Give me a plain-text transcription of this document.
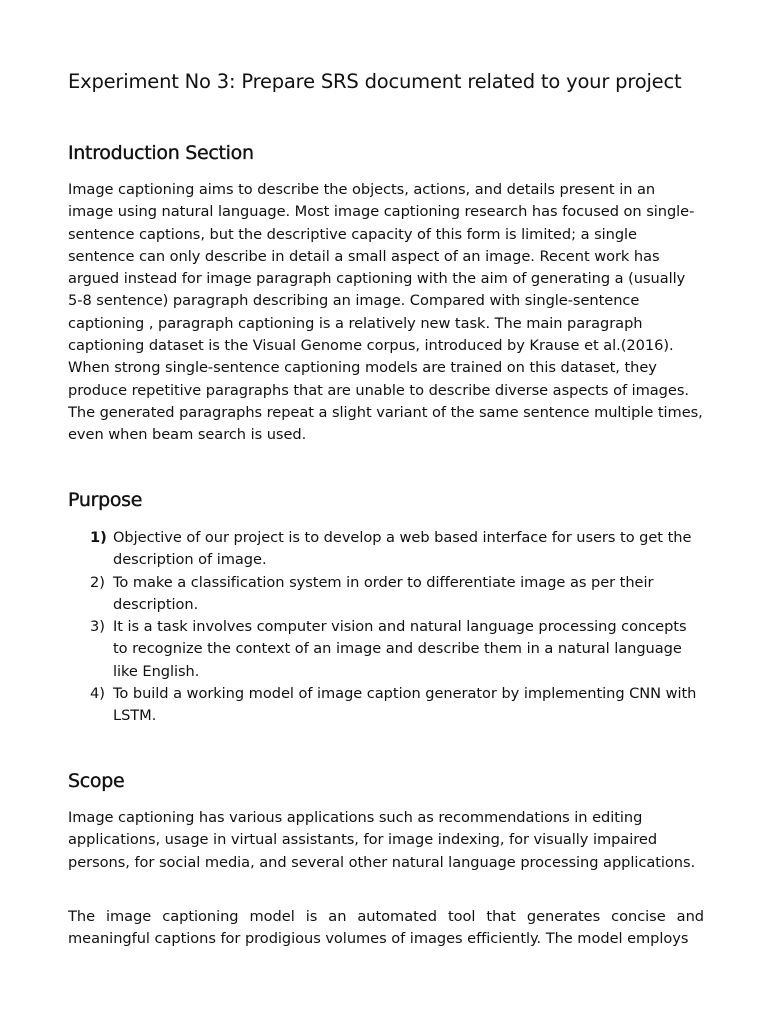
Experiment No 3: Prepare SRS document related to your project
Introduction Section

Image captioning aims to describe the objects, actions, and details present in an image using natural language. Most image captioning research has focused on single-sentence captions, but the descriptive capacity of this form is limited; a single sentence can only describe in detail a small aspect of an image. Recent work has argued instead for image paragraph captioning with the aim of generating a (usually 5-8 sentence) paragraph describing an image. Compared with single-sentence captioning , paragraph captioning is a relatively new task. The main paragraph captioning dataset is the Visual Genome corpus, introduced by Krause et al.(2016). When strong single-sentence captioning models are trained on this dataset, they produce repetitive paragraphs that are unable to describe diverse aspects of images. The generated paragraphs repeat a slight variant of the same sentence multiple times, even when beam search is used.

Purpose
1) Objective of our project is to develop a web based interface for users to get the description of image.
2) To make a classification system in order to differentiate image as per their description.
3) It is a task involves computer vision and natural language processing concepts to recognize the context of an image and describe them in a natural language like English.
4) To build a working model of image caption generator by implementing CNN with LSTM.
Scope

Image captioning has various applications such as recommendations in editing applications, usage in virtual assistants, for image indexing, for visually impaired persons, for social media, and several other natural language processing applications.

The image captioning model is an automated tool that generates concise and meaningful captions for prodigious volumes of images efficiently. The model employs
